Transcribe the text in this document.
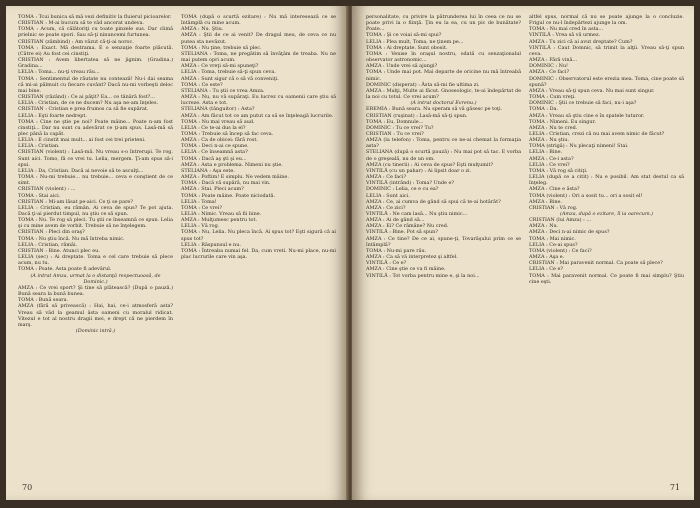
TOMA : Tcui bunica să mă vezi definitiv la fluierul picioarelor.

CRISTIAN : M-ai bucura să te văd ancorat undeva.

TOMA : Acum, că călătoriţi cu toate pinzele sus. Dar climă prielnic se poate spori. Sau să-ţi ninuncemi furtunea.

CRISTIAN (zâmbind) : Am văzut că-ţi-ai noroc.

TOMA : Exact. Mă destrama. E o senzaţie foarte plăcută. (Către ei) Au fost cei cinstiţi.

CRISTIAN : Avem libertatea să ne jignim. (Gradina.) Gradina...

LELIA : Toma... nu-ţi vreau rău...

TOMA : Sentimentul de răutate nu contează! Nu-i dai seama că mi-ai pălmuit cu fiecare cuvânt? Dacă nu-mi vorbeşti deloc mai bine.

CRISTIAN (râzând) : Ce ai păţit? Ea... ce tânără fost?...

LELIA : Cristian, de ce ne ducem? Nu aşa ne-am înţeles.

CRISTIAN : Cristian e prea frumos ca să fie supărat.

LELIA : Eşti foarte nedrept.

TOMA : Cine ne ştie pe noi? Poate mâine... Poate n-am fost cinstiţi... Dar nu sunt cu adevărat ce ţi-am spus. Lasă-mă să plec până la capăt.

LELIA : E cinstit mai mult... ai fost cei trei prieteni.

LELIA : Cristian.

CRISTIAN (violent) : Lasă-mă. Nu vreau s-o întrerupi. Te rog. Sunt aici. Tomo, fă ce vrei tu. Lelia, mergem. Ţi-am spus să-i spui.

LELIA : Da, Cristian. Dacă ai nevoie să te asculţi...

TOMA : Nu-mi trebuie... nu trebuie... ceva e conştient de ce simt.

CRISTIAN (violent) : ...

TOMA : Stai aici.

CRISTIAN : Mi-am lăsat pe-aici. Ce ţi se pare?

LELIA : Cristian, eu rămân. Ai ceva de spus? Te pot ajuta. Dacă ţi-ai pierdut timpul, nu ştiu ce să spun.

TOMA : Nu. Te rog să pleci. Tu ştii ce înseamnă ce spun. Lelia şi cu mine avem de vorbit. Trebuie să ne înţelegem.

CRISTIAN : Pleci din oraş?

TOMA : Nu ştiu încă. Nu mă întreba nimic.

LELIA : Cristian, rămâi.

CRISTIAN : Bine. Atunci plec eu.

LELIA (sec) : Ai dreptate. Toma e cel care trebuie să plece acum, nu tu.

TOMA : Poate. Asta poate fi adevărul.

(A intrat Amza, urmat la o distanţă respectuoasă, de Dominic.)

AMZA : Ce vrei sport? Şi tine să plătească? (După o pauză.) Bună seara la bună bunea.

TOMA : Bună seara.

AMZA (fără să privească) : Hai, hai, ce-i atmosferă asta? Vreau să văd la geamul ăsta oameni cu moralul ridicat. Vitezul e tot al nostru dragii mei, e drept că ne pierdem în marş.

(Dominic intră.)

TOMA (după o scurtă ezitare) : Nu mă interesează ce se întâmplă cu mine acum.

AMZA : Nu. Ştiu.

AMZA : Ştii de ce ai venit? De dragul meu, de ceva ce nu putea sta nevăzut.

TOMA : Nu ţine, trebuie să plec.

STELIANA : Toma, ne pregătim să învăţăm de treaba. Nu ne mai putem opri acum.

AMZA : Ce vreţi să-mi spuneţi?

LELIA : Toma, trebuie să-ţi spun ceva.

AMZA : Sunt sigur că o să vă conveniţi.

TOMA : Ce este?

STELIANA : Tu ştii ce vrea Amza.

AMZA : Nu, nu vă supăraţi. Eu lucrez cu oamenii care ştiu să lucreze. Asta e tot.

STELIANA (tânguitor) : Asta?

AMZA : Am făcut tot ce am putut ca să se înţeleagă lucrurile.

TOMA : Nu mai vreau să aud.

LELIA : Ce te-ai dus la el?

TOMA : Trebuie să încep să fac ceva.

AMZA : Ca de obicei: fără rost.

TOMA : Deci n-ai ce spune.

LELIA : Ce înseamnă asta?

TOMA : Dacă aş şti şi eu...

AMZA : Asta e problema. Nimeni nu ştie.

STELIANA : Aşa este.

AMZA : Poftim! E simplu. Ne vedem mâine.

TOMA : Dacă vă supără, nu mai vin.

AMZA : Stai. Pleci acum?

TOMA : Poate mâine. Poate niciodată.

LELIA : Toma!

TOMA : Ce vrei?

LELIA : Nimic. Vreau să fii bine.

AMZA : Mulţumesc pentru tot.

LELIA : Vă rog.

TOMA : Nu, Lelia. Nu pleca încă. Ai spus tot? Eşti sigură că ai spus tot?

LELIA : Răspunsul e nu.

TOMA : Întreaba numai fel. Da, cum vreti. Nu-mi place, nu-mi plac lucrurile care vin aşa.

70

personalitate, cu privire la pătrunderea lui în ceea ce nu se poate privi la o fiinţă. Ţin eu la ea, cu un pic de bunătate? Poate...

TOMA : Şi ce voiai să-mi spui?

LELIA : Plea mult, Toma, ne ţinem pe...

TOMA : Ai dreptate. Sunt obosit.

TOMA : Venise în oraşul nostru, odată cu senzaţionalul observator astronomic...

AMZA : Unde vrei să ajungi?

TOMA : Unde mai pot. Mai departe de oricine nu mă întreabă nimic.

DOMINIC (disperat) : Ăsta să-mi fie ultima zi.

AMZA : Mulţi, Multe ai făcut. Gnoseologic, te-ai îndepărtat de la noi cu totul. Ce vrei acum?

(A intrat doctorul Evrenu.)

EREMIA : Bună seara. Nu speram să vă găsesc pe toţi.

CRISTIAN (ruşinat) : Lasă-mă să-ţi spun.

TOMA : Eu, Domnule...

DOMINIC : Tu ce vrei? Tu?

CRISTIAN : Tu ce vrei?

AMZA (la telefon) : Toma, pentru ce ne-ai chemat la formaţia asta?

STELIANA (după o scurtă pauză) : Nu mai pot să tac. E vorba de o greşeală, nu de un om.

AMZA (cu tinerii) : Ai ceva de spus? Eşti mulţumit?

VINTILĂ (cu un pahar) : Ai lipsit doar o zi.

AMZA : Ce faci?

VINTILĂ (intrând) : Toma? Unde e?

DOMINIC : Lelia, ce e cu ea?

LELIA : Sunt aici.

AMZA : Ce, ai cumva de gând să spui că te-ai hotărât?

AMZA : Ce zici?

VINTILĂ : Ne cam lasă... Nu ştiu nimic...

AMZA : Ai de gând să...

AMZA : Ei? Ce rămâne? Nu cred.

VINTILĂ : Bine. Pot să spun?

AMZA : Ce tine? De ce ai, spune-ţi, Tovarăşului prim ce se întâmplă?

TOMA : Nu-mi pare rău.

AMZA : Ca să vă interpretez şi altfel.

VINTILĂ : Ce e?

AMZA : Cine ştie ce va fi mâine.

VINTILĂ : Tot vorba pentru mine e, şi la noi...

altfel spus, normal că nu se poate ajunge la o concluzie. Frigul ce nu-l îndepărtezi ajunge la om.

TOMA : Nu mai cred în asta...

VINTILĂ : Vrea să vă urmez.

AMZA : Tu zici că ai avut dreptate? Cum?

VINTILĂ : Caut Domnic, să trimit la alţii. Vreau să-ţi spun ceva.

AMZA : Fără vină...

DOMINIC : Nu!

AMZA : Ce faci?

DOMINIC : Observatorul este erezia mea. Toma, cine poate să spună?

AMZA : Vreau să-ţi spun ceva. Nu mai sunt singur.

TOMA : Cum vreţi.

DOMINIC : Ştii ce trebuie să faci, nu-i aşa?

TOMA : Da.

AMZA : Vreau să ştiu cine e în spatele tuturor.

TOMA : Nimeni. Eu singur.

AMZA : Nu te cred.

LELIA : Cristian, crezi că nu mai avem nimic de făcut?

AMZA : Nu ştiu.

TOMA (strigă) : Nu plecaţi nimeni! Stai.

LELIA : Bine.

AMZA : Ce-i asta?

LELIA : Ce vrei?

TOMA : Vă rog să citiţi.

LELIA (după ce a citit) : Nu e posibil. Am stat destul ca să înţeleg.

AMZA : Cine e ăsta?

TOMA (violent) : Ori a sosit tu... ori a sosit el!

AMZA : Bine.

CRISTIAN : Vă rog.

(Amza, după o ezitare, îl ia oarecum.)

CRISTIAN (lui Amza) : ...

AMZA : Nu.

AMZA : Deci n-ai nimic de spus?

TOMA : Mai nimic.

LELIA : Ce-ai spus?

TOMA (violent) : Ce faci?

AMZA : Aşa e.

CRISTIAN : Mai paravenit normal. Ca poate să plece?

LELIA : Ce e?

TOMA : Mai paravenit normal. Ce poate fi mai simplu? Ştiu cine eşti.

71
